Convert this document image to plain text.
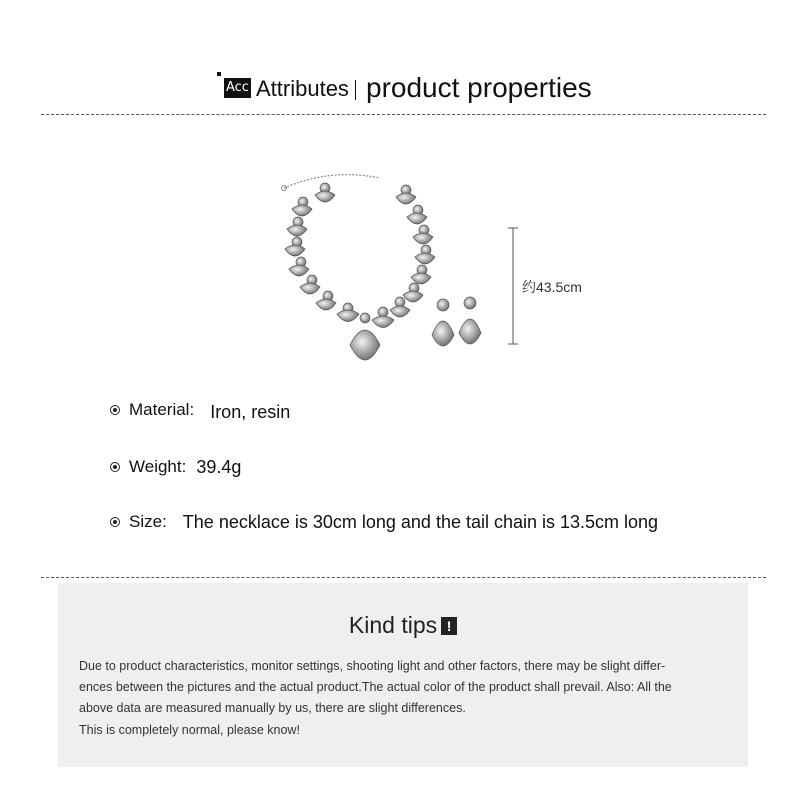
Acc Attributes product properties
约43.5cm
Material: Iron, resin
Weight: 39.4g
Size: The necklace is 30cm long and the tail chain is 13.5cm long
Kind tips !

Due to product characteristics, monitor settings, shooting light and other factors, there may be slight differ-

ences between the pictures and the actual product.The actual color of the product shall prevail. Also: All the

above data are measured manually by us, there are slight differences.

This is completely normal, please know!
